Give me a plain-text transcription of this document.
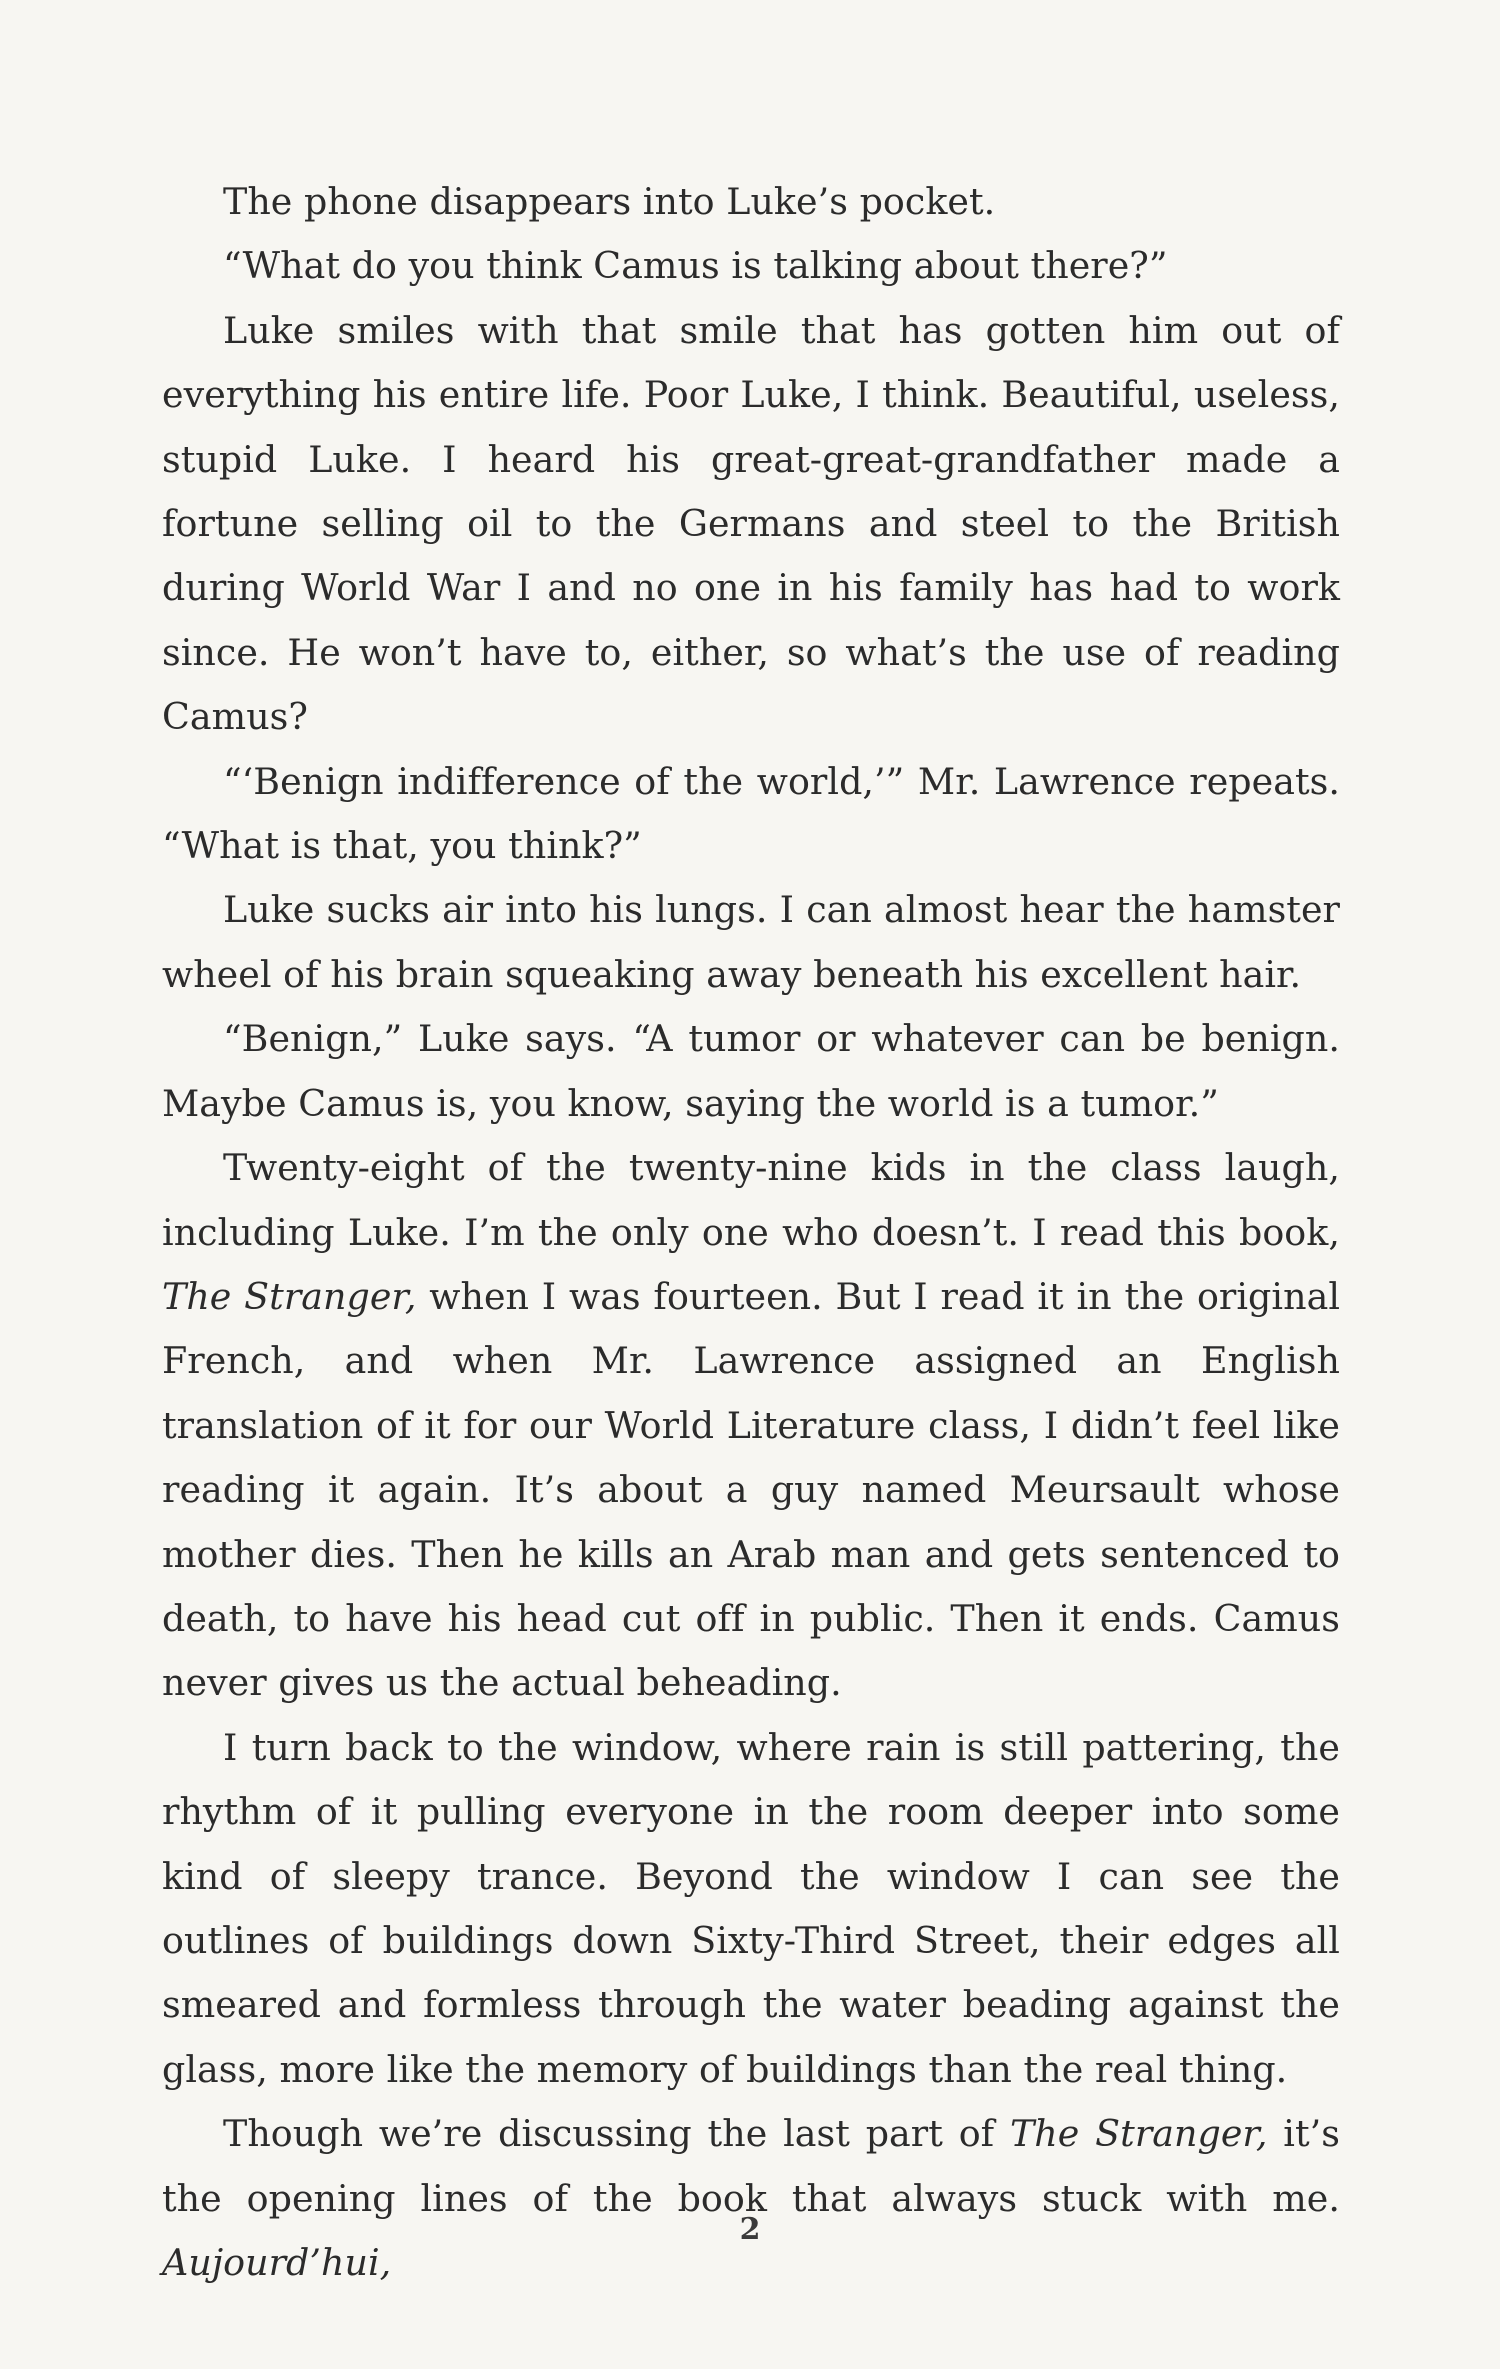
The phone disappears into Luke’s pocket.

“What do you think Camus is talking about there?”

Luke smiles with that smile that has gotten him out of everything his entire life. Poor Luke, I think. Beautiful, useless, stupid Luke. I heard his great-great-grandfather made a fortune selling oil to the Germans and steel to the British during World War I and no one in his family has had to work since. He won’t have to, either, so what’s the use of reading Camus?

“‘Benign indifference of the world,’” Mr. Lawrence repeats. “What is that, you think?”

Luke sucks air into his lungs. I can almost hear the hamster wheel of his brain squeaking away beneath his excellent hair.

“Benign,” Luke says. “A tumor or whatever can be benign. Maybe Camus is, you know, saying the world is a tumor.”

Twenty-eight of the twenty-nine kids in the class laugh, including Luke. I’m the only one who doesn’t. I read this book, The Stranger, when I was fourteen. But I read it in the original French, and when Mr. Lawrence assigned an English translation of it for our World Literature class, I didn’t feel like reading it again. It’s about a guy named Meursault whose mother dies. Then he kills an Arab man and gets sentenced to death, to have his head cut off in public. Then it ends. Camus never gives us the actual beheading.

I turn back to the window, where rain is still pattering, the rhythm of it pulling everyone in the room deeper into some kind of sleepy trance. Beyond the window I can see the outlines of buildings down Sixty-Third Street, their edges all smeared and formless through the water beading against the glass, more like the memory of buildings than the real thing.

Though we’re discussing the last part of The Stranger, it’s the opening lines of the book that always stuck with me. Aujourd’hui,

2
